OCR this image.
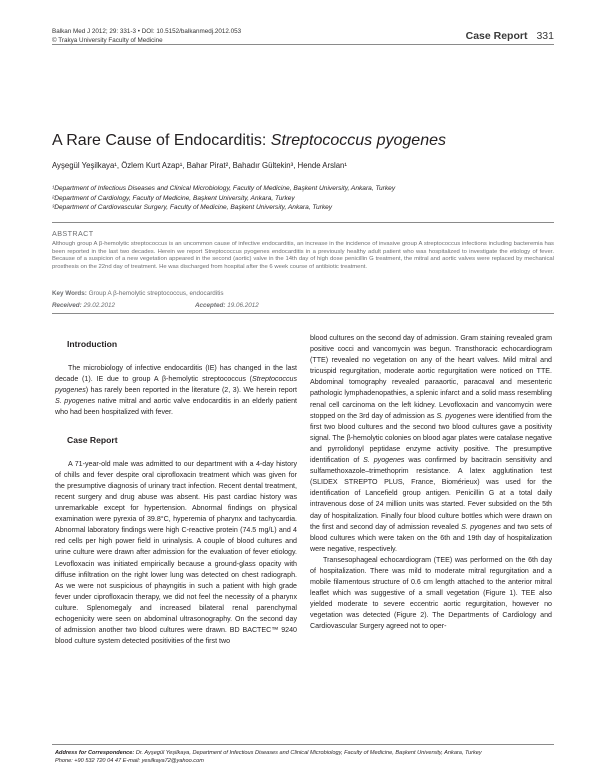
Balkan Med J 2012; 29: 331-3 • DOI: 10.5152/balkanmedj.2012.053
© Trakya University Faculty of Medicine	Case Report 331
A Rare Cause of Endocarditis: Streptococcus pyogenes
Ayşegül Yeşilkaya¹, Özlem Kurt Azap¹, Bahar Pirat², Bahadır Gültekin³, Hende Arslan¹
¹Department of Infectious Diseases and Clinical Microbiology, Faculty of Medicine, Başkent University, Ankara, Turkey
²Department of Cardiology, Faculty of Medicine, Başkent University, Ankara, Turkey
³Department of Cardiovascular Surgery, Faculty of Medicine, Başkent University, Ankara, Turkey
ABSTRACT
Although group A β-hemolytic streptococcus is an uncommon cause of infective endocarditis, an increase in the incidence of invasive group A streptococcus infections including bacteremia has been reported in the last two decades. Herein we report Streptococcus pyogenes endocarditis in a previously healthy adult patient who was hospitalized to investigate the etiology of fever. Because of a suspicion of a new vegetation appeared in the second (aortic) valve in the 14th day of high dose penicillin G treatment, the mitral and aortic valves were replaced by mechanical prosthesis on the 22nd day of treatment. He was discharged from hospital after the 6 week course of antibiotic treatment.
Key Words: Group A β-hemolytic streptococcus, endocarditis
Received: 29.02.2012	Accepted: 19.06.2012
Introduction

The microbiology of infective endocarditis (IE) has changed in the last decade (1). IE due to group A β-hemolytic streptococcus (Streptococcus pyogenes) has rarely been reported in the literature (2, 3). We herein report S. pyogenes native mitral and aortic valve endocarditis in an elderly patient who had been hospitalized with fever.

Case Report

A 71-year-old male was admitted to our department with a 4-day history of chills and fever despite oral ciprofloxacin treatment which was given for the presumptive diagnosis of urinary tract infection. Recent dental treatment, recent surgery and drug abuse was absent. His past cardiac history was unremarkable except for hypertension. Abnormal findings on physical examination were pyrexia of 39.8°C, hyperemia of pharynx and tachycardia. Abnormal laboratory findings were high C-reactive protein (74.5 mg/L) and 4 red cells per high power field in urinalysis. A couple of blood cultures and urine culture were drawn after admission for the evaluation of fever etiology. Levofloxacin was initiated empirically because a ground-glass opacity with diffuse infiltration on the right lower lung was detected on chest radiograph. As we were not suspicious of phayngitis in such a patient with high grade fever under ciprofloxacin therapy, we did not feel the necessity of a pharynx culture. Splenomegaly and increased bilateral renal parenchymal echogenicity were seen on abdominal ultrasonography. On the second day of admission another two blood cultures were drawn. BD BACTEC™ 9240 blood culture system detected positivities of the first two

blood cultures on the second day of admission. Gram staining revealed gram positive cocci and vancomycin was begun. Transthoracic echocardiogram (TTE) revealed no vegetation on any of the heart valves. Mild mitral and tricuspid regurgitation, moderate aortic regurgitation were noticed on TTE. Abdominal tomography revealed paraaortic, paracaval and mesenteric pathologic lymphadenopathies, a splenic infarct and a solid mass resembling renal cell carcinoma on the left kidney. Levofloxacin and vancomycin were stopped on the 3rd day of admission as S. pyogenes were identified from the first two blood cultures and the second two blood cultures gave a positivity signal. The β-hemolytic colonies on blood agar plates were catalase negative and pyrrolidonyl peptidase enzyme activity positive. The presumptive identification of S. pyogenes was confirmed by bacitracin sensitivity and sulfamethoxazole–trimethoprim resistance. A latex agglutination test (SLIDEX STREPTO PLUS, France, Biomérieux) was used for the identification of Lancefield group antigen. Penicillin G at a total daily intravenous dose of 24 million units was started. Fever subsided on the 5th day of hospitalization. Finally four blood culture bottles which were drawn on the first and second day of admission revealed S. pyogenes and two sets of blood cultures which were taken on the 6th and 19th day of hospitalization were negative, respectively.

Transesophageal echocardiogram (TEE) was performed on the 6th day of hospitalization. There was mild to moderate mitral regurgitation and a mobile filamentous structure of 0.6 cm length attached to the anterior mitral leaflet which was suggestive of a small vegetation (Figure 1). TEE also yielded moderate to severe eccentric aortic regurgitation, however no vegetation was detected (Figure 2). The Departments of Cardiology and Cardiovascular Surgery agreed not to oper-

Address for Correspondence: Dr. Ayşegül Yeşilkaya, Department of Infectious Diseases and Clinical Microbiology, Faculty of Medicine, Başkent University, Ankara, Turkey
Phone: +90 532 720 04 47 E-mail: yesilkaya72@yahoo.com
